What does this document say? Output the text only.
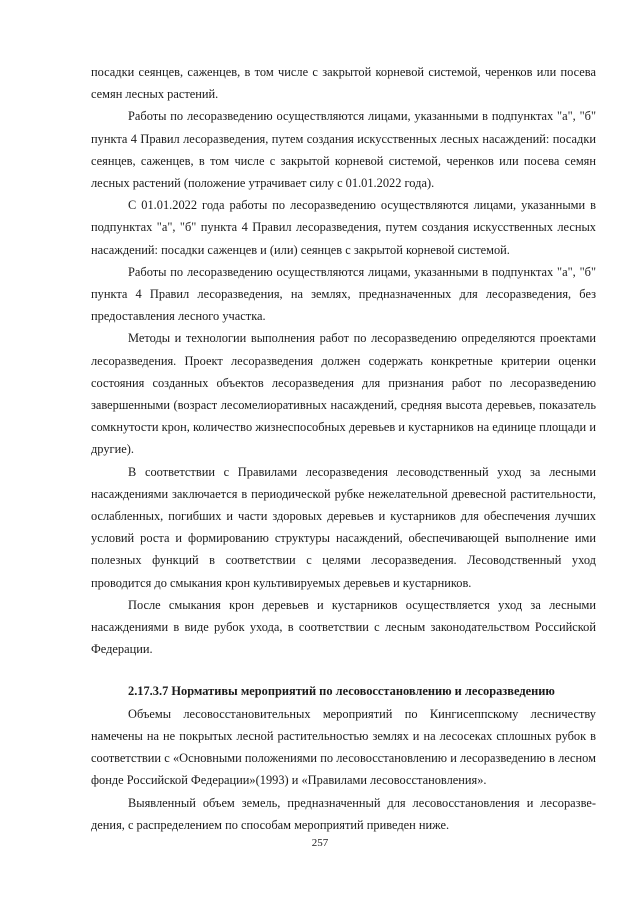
посадки сеянцев, саженцев, в том числе с закрытой корневой системой, черенков или посева семян лесных растений.

Работы по лесоразведению осуществляются лицами, указанными в подпунктах "а", "б" пункта 4 Правил лесоразведения, путем создания искусственных лесных насаждений: посадки сеянцев, саженцев, в том числе с закрытой корневой системой, черенков или посева семян лесных растений (положение утрачивает силу с 01.01.2022 года).

С 01.01.2022 года работы по лесоразведению осуществляются лицами, указанными в подпунктах "а", "б" пункта 4 Правил лесоразведения, путем создания искусственных лесных насаждений: посадки саженцев и (или) сеянцев с закрытой корневой системой.

Работы по лесоразведению осуществляются лицами, указанными в подпунктах "а", "б" пункта 4 Правил лесоразведения, на землях, предназначенных для лесоразведения, без предоставления лесного участка.

Методы и технологии выполнения работ по лесоразведению определяются проектами лесоразведения. Проект лесоразведения должен содержать конкретные критерии оценки состояния созданных объектов лесоразведения для признания работ по лесоразведению завершенными (возраст лесомелиоративных насаждений, средняя высота деревьев, показатель сомкнутости крон, количество жизнеспособных деревьев и кустарников на единице площади и другие).

В соответствии с Правилами лесоразведения лесоводственный уход за лесными насаждениями заключается в периодической рубке нежелательной древесной растительности, ослабленных, погибших и части здоровых деревьев и кустарников для обеспечения лучших условий роста и формированию структуры насаждений, обеспечивающей выполнение ими полезных функций в соответствии с целями лесоразведения. Лесоводственный уход проводится до смыкания крон культивируемых деревьев и кустарников.

После смыкания крон деревьев и кустарников осуществляется уход за лесными насаждениями в виде рубок ухода, в соответствии с лесным законодательством Российской Федерации.

2.17.3.7 Нормативы мероприятий по лесовосстановлению и лесоразведению

Объемы лесовосстановительных мероприятий по Кингисеппскому лесничеству намечены на не покрытых лесной растительностью землях и на лесосеках сплошных рубок в соответствии с «Основными положениями по лесовосстановлению и лесоразведению в лесном фонде Российской Федерации»(1993) и «Правилами лесовосстановления».

Выявленный объем земель, предназначенный для лесовосстановления и лесоразведения, с распределением по способам мероприятий приведен ниже.

257
